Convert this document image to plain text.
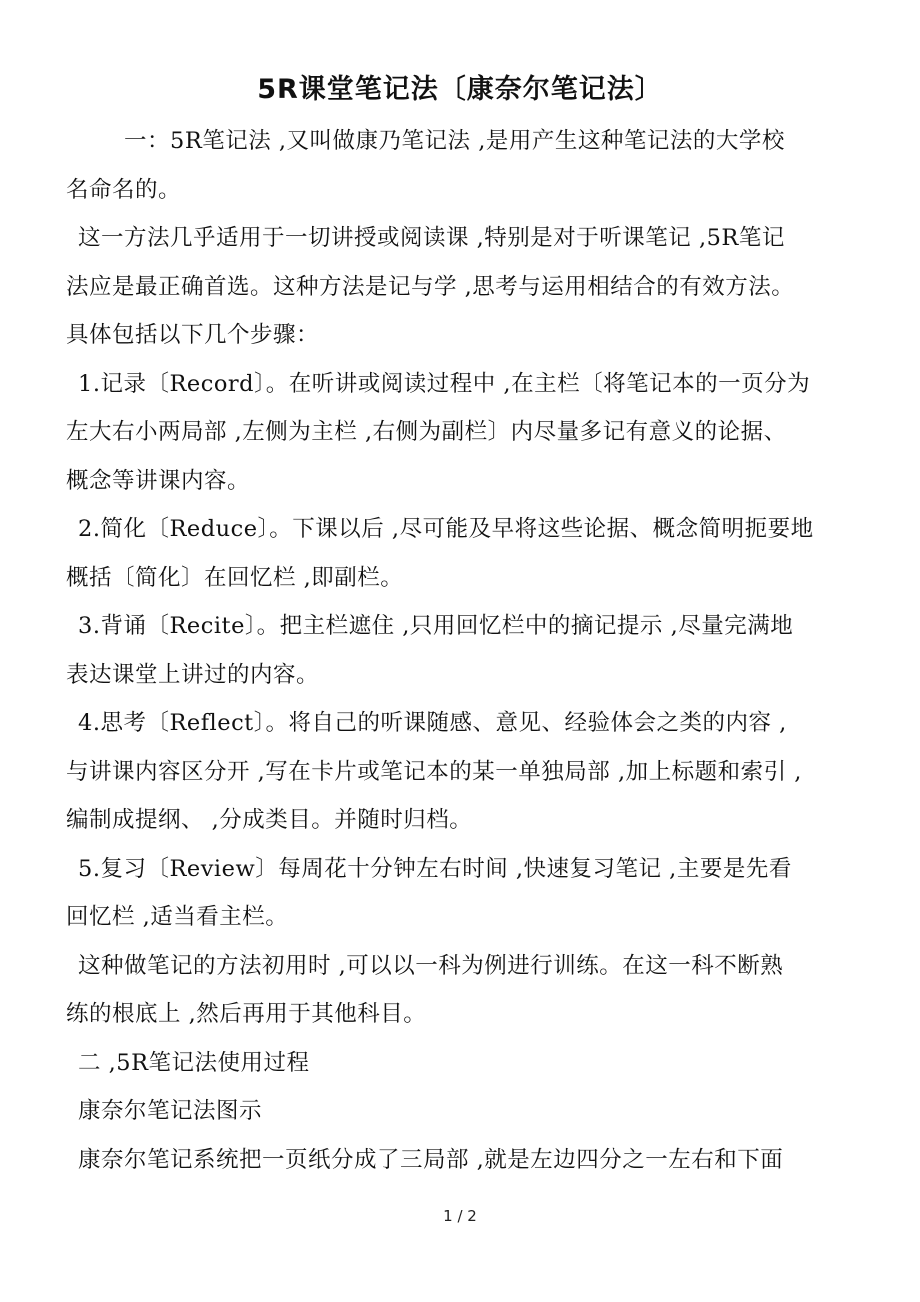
5R课堂笔记法〔康奈尔笔记法〕
一：5R笔记法 ,又叫做康乃笔记法 ,是用产生这种笔记法的大学校
名命名的。
这一方法几乎适用于一切讲授或阅读课 ,特别是对于听课笔记 ,5R笔记
法应是最正确首选。这种方法是记与学 ,思考与运用相结合的有效方法。
具体包括以下几个步骤：
1.记录〔Record〕。在听讲或阅读过程中 ,在主栏〔将笔记本的一页分为
左大右小两局部 ,左侧为主栏 ,右侧为副栏〕内尽量多记有意义的论据、
概念等讲课内容。
2.简化〔Reduce〕。下课以后 ,尽可能及早将这些论据、概念简明扼要地
概括〔简化〕在回忆栏 ,即副栏。
3.背诵〔Recite〕。把主栏遮住 ,只用回忆栏中的摘记提示 ,尽量完满地
表达课堂上讲过的内容。
4.思考〔Reflect〕。将自己的听课随感、意见、经验体会之类的内容 ,
与讲课内容区分开 ,写在卡片或笔记本的某一单独局部 ,加上标题和索引 ,
编制成提纲、 ,分成类目。并随时归档。
5.复习〔Review〕每周花十分钟左右时间 ,快速复习笔记 ,主要是先看
回忆栏 ,适当看主栏。
这种做笔记的方法初用时 ,可以以一科为例进行训练。在这一科不断熟
练的根底上 ,然后再用于其他科目。
二 ,5R笔记法使用过程
康奈尔笔记法图示
康奈尔笔记系统把一页纸分成了三局部 ,就是左边四分之一左右和下面
1 / 2
